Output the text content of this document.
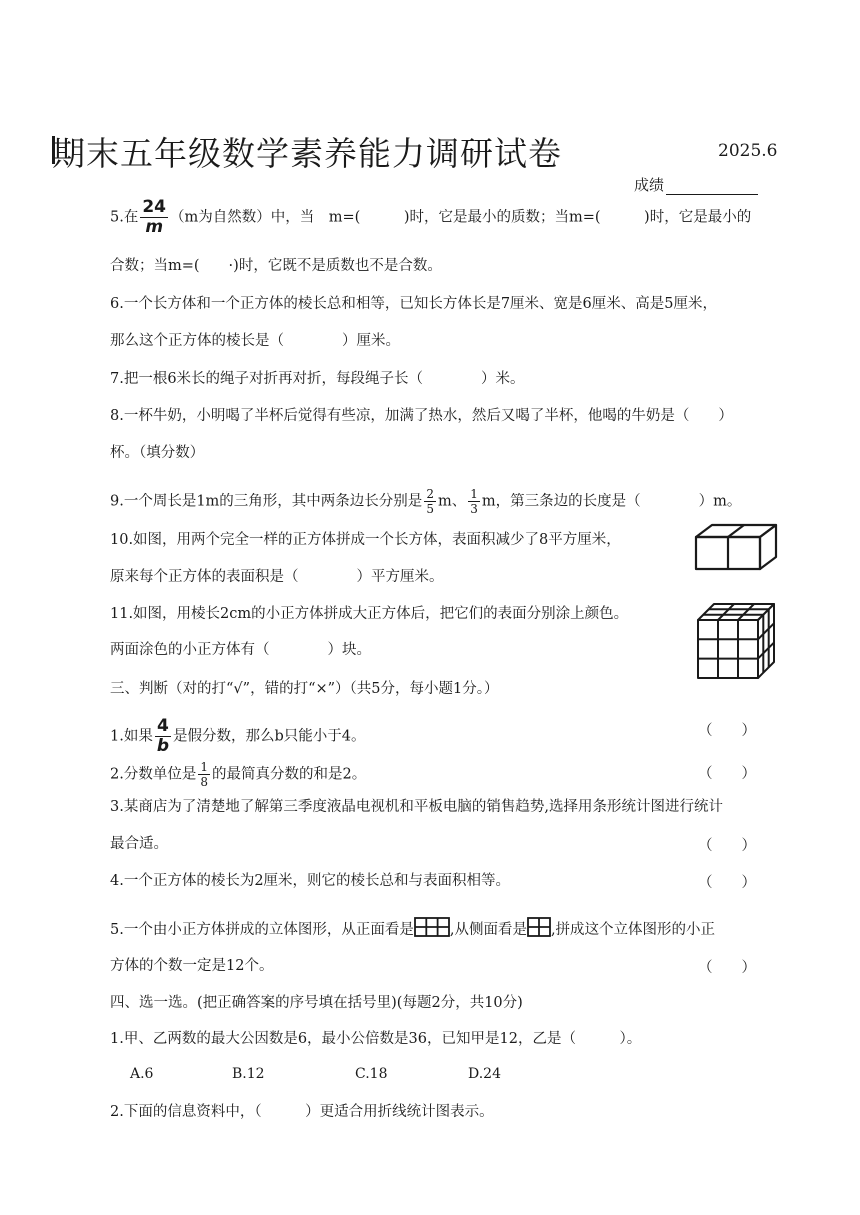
期末五年级数学素养能力调研试卷	2025.6
成绩
5.在 $\frac{24}{m} (m$为自然数）中，当　m=(　　　)时，它是最小的质数；当m=(　　　)时，它是最小的
合数；当m=(　　·)时，它既不是质数也不是合数。
6.一个长方体和一个正方体的棱长总和相等，已知长方体长是7厘米、宽是6厘米、高是5厘米，
那么这个正方体的棱长是（　　　　）厘米。
7.把一根6米长的绳子对折再对折，每段绳子长（　　　　）米。
8.一杯牛奶，小明喝了半杯后觉得有些凉，加满了热水，然后又喝了半杯，他喝的牛奶是（　　）
杯。（填分数）
9.一个周长是1m的三角形，其中两条边长分别是 $\frac{2}{5}$ m、 $\frac{1}{3}$ m，第三条边的长度是（　　　　）m。
10.如图，用两个完全一样的正方体拼成一个长方体，表面积减少了8平方厘米，
原来每个正方体的表面积是（　　　　）平方厘米。
11.如图，用棱长2cm的小正方体拼成大正方体后，把它们的表面分别涂上颜色。
两面涂色的小正方体有（　　　　）块。
三、判断（对的打“√”，错的打“×”）（共5分，每小题1分。）
1.如果 $\frac{4}{b}$ 是假分数，那么b只能小于4。	（　　）
2.分数单位是 $\frac{1}{8}$ 的最简真分数的和是2。	（　　）
3.某商店为了清楚地了解第三季度液晶电视机和平板电脑的销售趋势,选择用条形统计图进行统计
最合适。	（　　）
4.一个正方体的棱长为2厘米，则它的棱长总和与表面积相等。	（　　）
5.一个由小正方体拼成的立体图形，从正面看是 ,从侧面看是 ,拼成这个立体图形的小正
方体的个数一定是12个。	（　　）
四、选一选。(把正确答案的序号填在括号里)(每题2分，共10分)
1.甲、乙两数的最大公因数是6，最小公倍数是36，已知甲是12，乙是（　　　）。
A.6	B.12	C.18	D.24
2.下面的信息资料中，（　　　）更适合用折线统计图表示。
